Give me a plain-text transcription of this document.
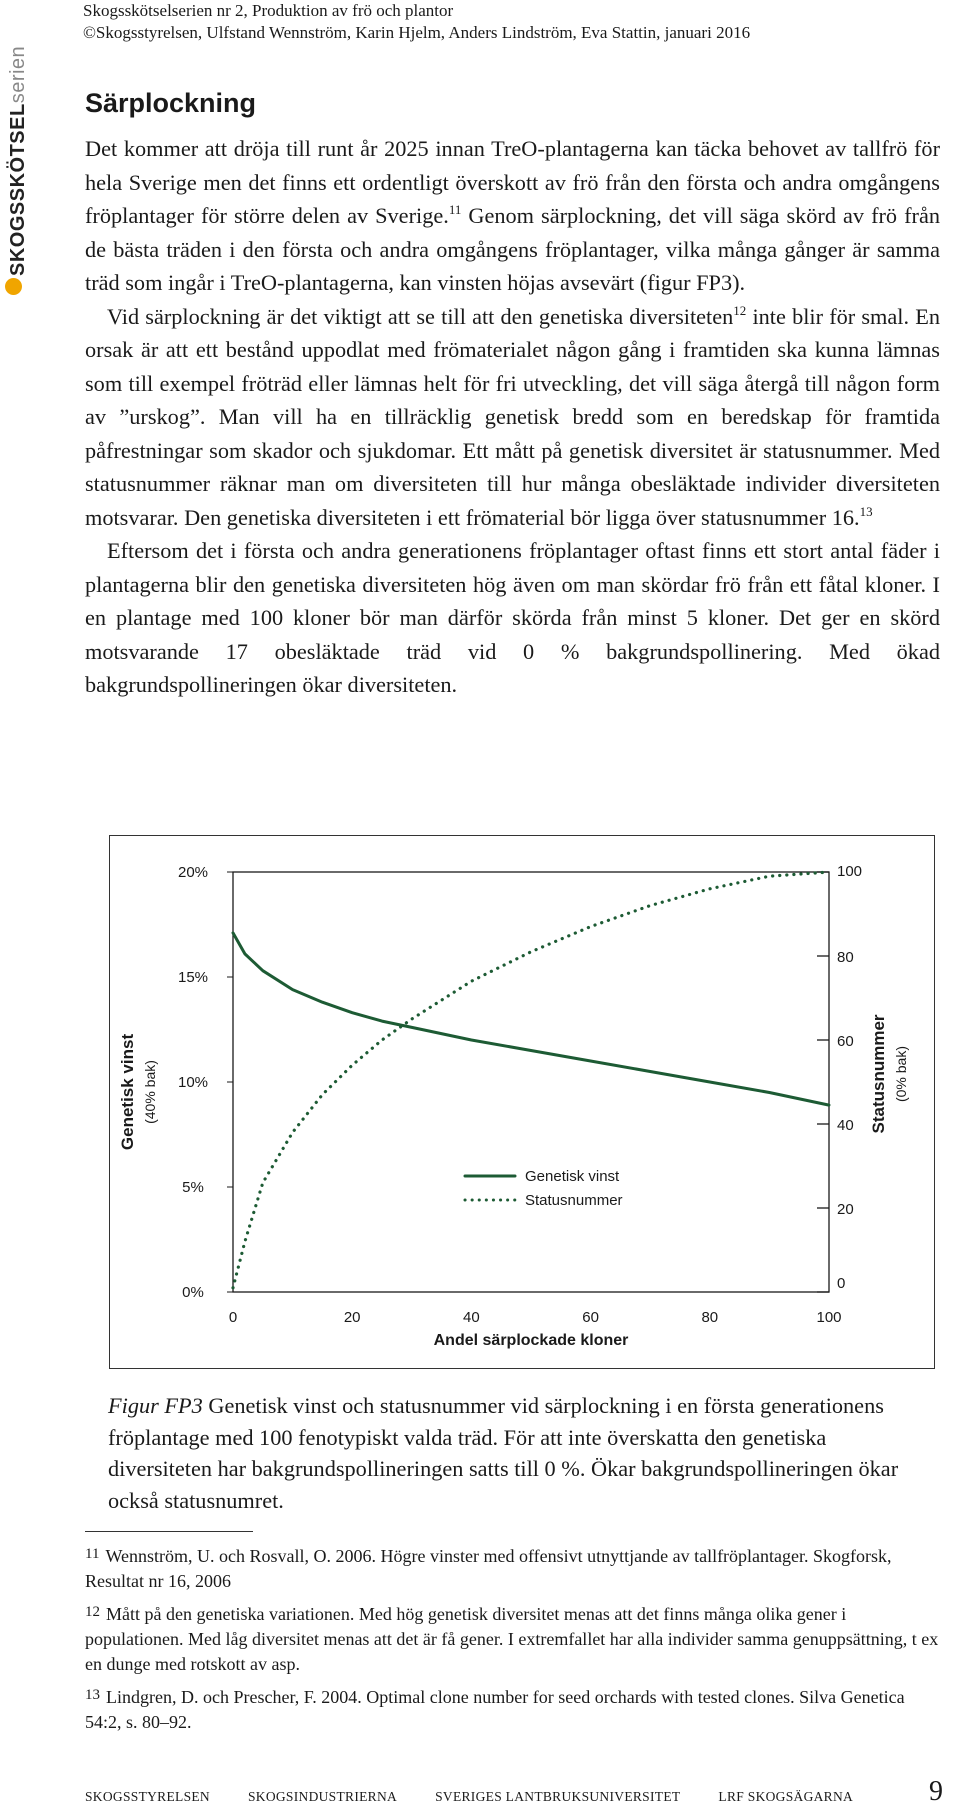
Skogsskötselserien nr 2, Produktion av frö och plantor
©Skogsstyrelsen, Ulfstand Wennström, Karin Hjelm, Anders Lindström, Eva Stattin, januari 2016
SKOGSSKÖTSELserien Särplockning

Det kommer att dröja till runt år 2025 innan TreO-plantagerna kan täcka behovet av tallfrö för hela Sverige men det finns ett ordentligt överskott av frö från den första och andra omgångens fröplantager för större delen av Sverige.$^{11}$ Genom särplockning, det vill säga skörd av frö från de bästa träden i den första och andra omgångens fröplantager, vilka många gånger är samma träd som ingår i TreO-plantagerna, kan vinsten höjas avsevärt (figur FP3).

Vid särplockning är det viktigt att se till att den genetiska diversiteten$^{12}$ inte blir för smal. En orsak är att ett bestånd uppodlat med frömaterialet någon gång i framtiden ska kunna lämnas som till exempel fröträd eller lämnas helt för fri utveckling, det vill säga återgå till någon form av ”urskog”. Man vill ha en tillräcklig genetisk bredd som en beredskap för framtida påfrestningar som skador och sjukdomar. Ett mått på genetisk diversitet är statusnummer. Med statusnummer räknar man om diversiteten till hur många obesläktade individer diversiteten motsvarar. Den genetiska diversiteten i ett frömaterial bör ligga över statusnummer 16.13

Eftersom det i första och andra generationens fröplantager oftast finns ett stort antal fäder i plantagerna blir den genetiska diversiteten hög även om man skördar frö från ett fåtal kloner. I en plantage med 100 kloner bör man därför skörda från minst 5 kloner. Det ger en skörd motsvarande 17 obesläktade träd vid 0 % bakgrundspollinering. Med ökad bakgrundspollineringen ökar diversiteten.

0%
5%
10%
15%
20%
0
20
40
60
80
100
0	20	40	60	80	100
Andel särplockade kloner
Genetisk vinst (40% bak)	Statusnummer (0% bak)
Genetisk vinst
Statusnummer
Figur FP3 Genetisk vinst och statusnummer vid särplockning i en första generationens fröplantage med 100 fenotypiskt valda träd. För att inte överskatta den genetiska diversiteten har bakgrundspollineringen satts till 0 %. Ökar bakgrundspollineringen ökar också statusnumret.
$^{11}$ Wennström, U. och Rosvall, O. 2006. Högre vinster med offensivt utnyttjande av tallfröplantager. Skogforsk, Resultat nr 16, 2006
$^{12}$ Mått på den genetiska variationen. Med hög genetisk diversitet menas att det finns många olika gener i populationen. Med låg diversitet menas att det är få gener. I extremfallet har alla individer samma genuppsättning, t ex en dunge med rotskott av asp.
$^{13}$ Lindgren, D. och Prescher, F. 2004. Optimal clone number for seed orchards with tested clones. Silva Genetica 54:2, s. 80–92.
SKOGSSTYRELSEN	SKOGSINDUSTRIERNA	SVERIGES LANTBRUKSUNIVERSITET	LRF SKOGSÄGARNA	9
